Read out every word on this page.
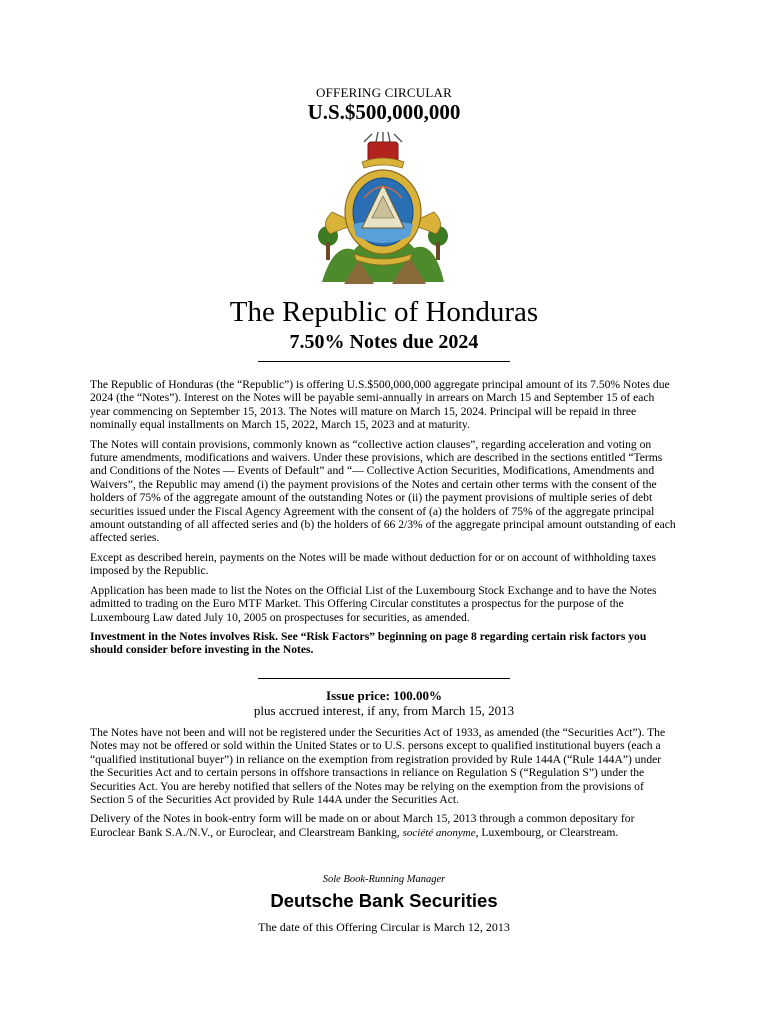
OFFERING CIRCULAR
U.S.$500,000,000
The Republic of Honduras
7.50% Notes due 2024

The Republic of Honduras (the “Republic”) is offering U.S.$500,000,000 aggregate principal amount of its 7.50% Notes due 2024 (the “Notes”). Interest on the Notes will be payable semi-annually in arrears on March 15 and September 15 of each year commencing on September 15, 2013. The Notes will mature on March 15, 2024. Principal will be repaid in three nominally equal installments on March 15, 2022, March 15, 2023 and at maturity.

The Notes will contain provisions, commonly known as “collective action clauses”, regarding acceleration and voting on future amendments, modifications and waivers. Under these provisions, which are described in the sections entitled “Terms and Conditions of the Notes — Events of Default” and “— Collective Action Securities, Modifications, Amendments and Waivers”, the Republic may amend (i) the payment provisions of the Notes and certain other terms with the consent of the holders of 75% of the aggregate amount of the outstanding Notes or (ii) the payment provisions of multiple series of debt securities issued under the Fiscal Agency Agreement with the consent of (a) the holders of 75% of the aggregate principal amount outstanding of all affected series and (b) the holders of 66 2/3% of the aggregate principal amount outstanding of each affected series.

Except as described herein, payments on the Notes will be made without deduction for or on account of withholding taxes imposed by the Republic.

Application has been made to list the Notes on the Official List of the Luxembourg Stock Exchange and to have the Notes admitted to trading on the Euro MTF Market. This Offering Circular constitutes a prospectus for the purpose of the Luxembourg Law dated July 10, 2005 on prospectuses for securities, as amended.

Investment in the Notes involves Risk. See “Risk Factors” beginning on page 8 regarding certain risk factors you should consider before investing in the Notes.

Issue price: 100.00%
plus accrued interest, if any, from March 15, 2013

The Notes have not been and will not be registered under the Securities Act of 1933, as amended (the “Securities Act”). The Notes may not be offered or sold within the United States or to U.S. persons except to qualified institutional buyers (each a “qualified institutional buyer”) in reliance on the exemption from registration provided by Rule 144A (“Rule 144A”) under the Securities Act and to certain persons in offshore transactions in reliance on Regulation S (“Regulation S”) under the Securities Act. You are hereby notified that sellers of the Notes may be relying on the exemption from the provisions of Section 5 of the Securities Act provided by Rule 144A under the Securities Act.

Delivery of the Notes in book-entry form will be made on or about March 15, 2013 through a common depositary for Euroclear Bank S.A./N.V., or Euroclear, and Clearstream Banking, société anonyme, Luxembourg, or Clearstream.

Sole Book-Running Manager
Deutsche Bank Securities
The date of this Offering Circular is March 12, 2013
